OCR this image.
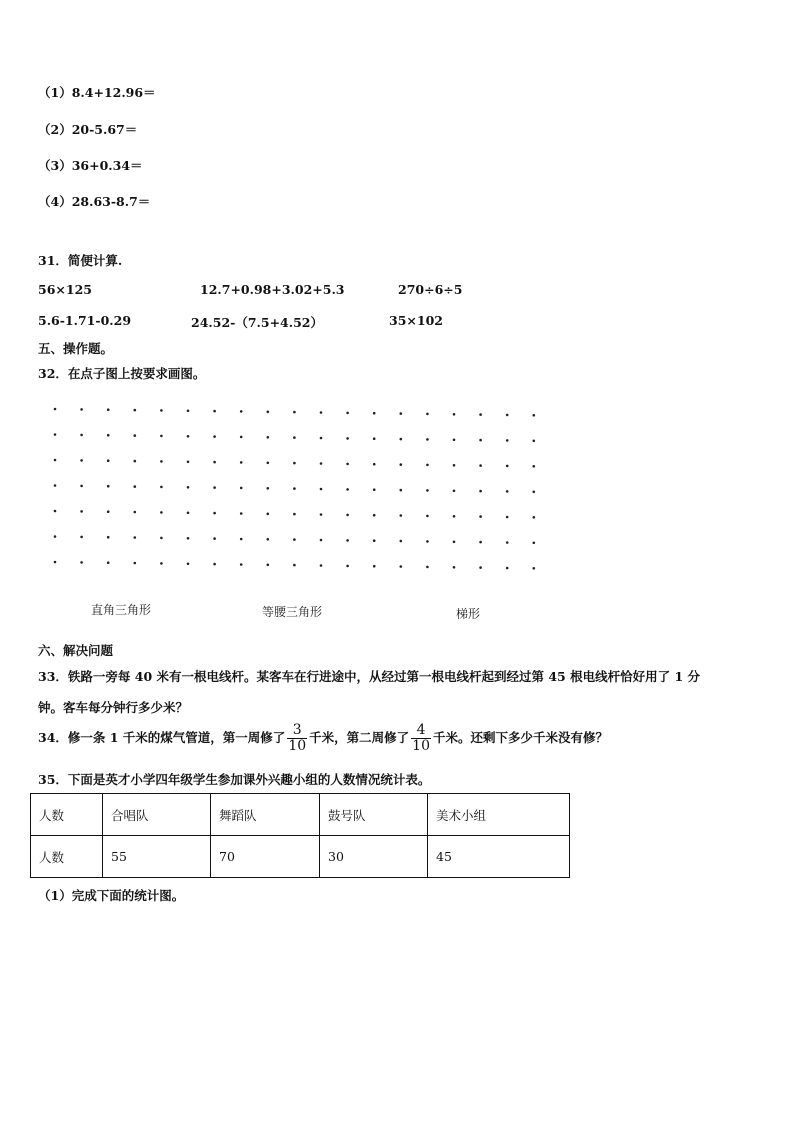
（1）8.4+12.96＝
（2）20-5.67＝
（3）36+0.34＝
（4）28.63-8.7＝
31．简便计算.
56×125	12.7+0.98+3.02+5.3	270÷6÷5
5.6-1.71-0.29	24.52-（7.5+4.52）	35×102
五、操作题。
32．在点子图上按要求画图。
直角三角形	等腰三角形	梯形
六、解决问题
33．铁路一旁每 40 米有一根电线杆。某客车在行进途中，从经过第一根电线杆起到经过第 45 根电线杆恰好用了 1 分
钟。客车每分钟行多少米？
34．修一条 1 千米的煤气管道，第一周修了 $\frac{3}{10}$ 千米，第二周修了 $\frac{4}{10}$ 千米。还剩下多少千米没有修？
35．下面是英才小学四年级学生参加课外兴趣小组的人数情况统计表。
人数	合唱队	舞蹈队	鼓号队	美术小组
人数	55	70	30	45
（1）完成下面的统计图。
